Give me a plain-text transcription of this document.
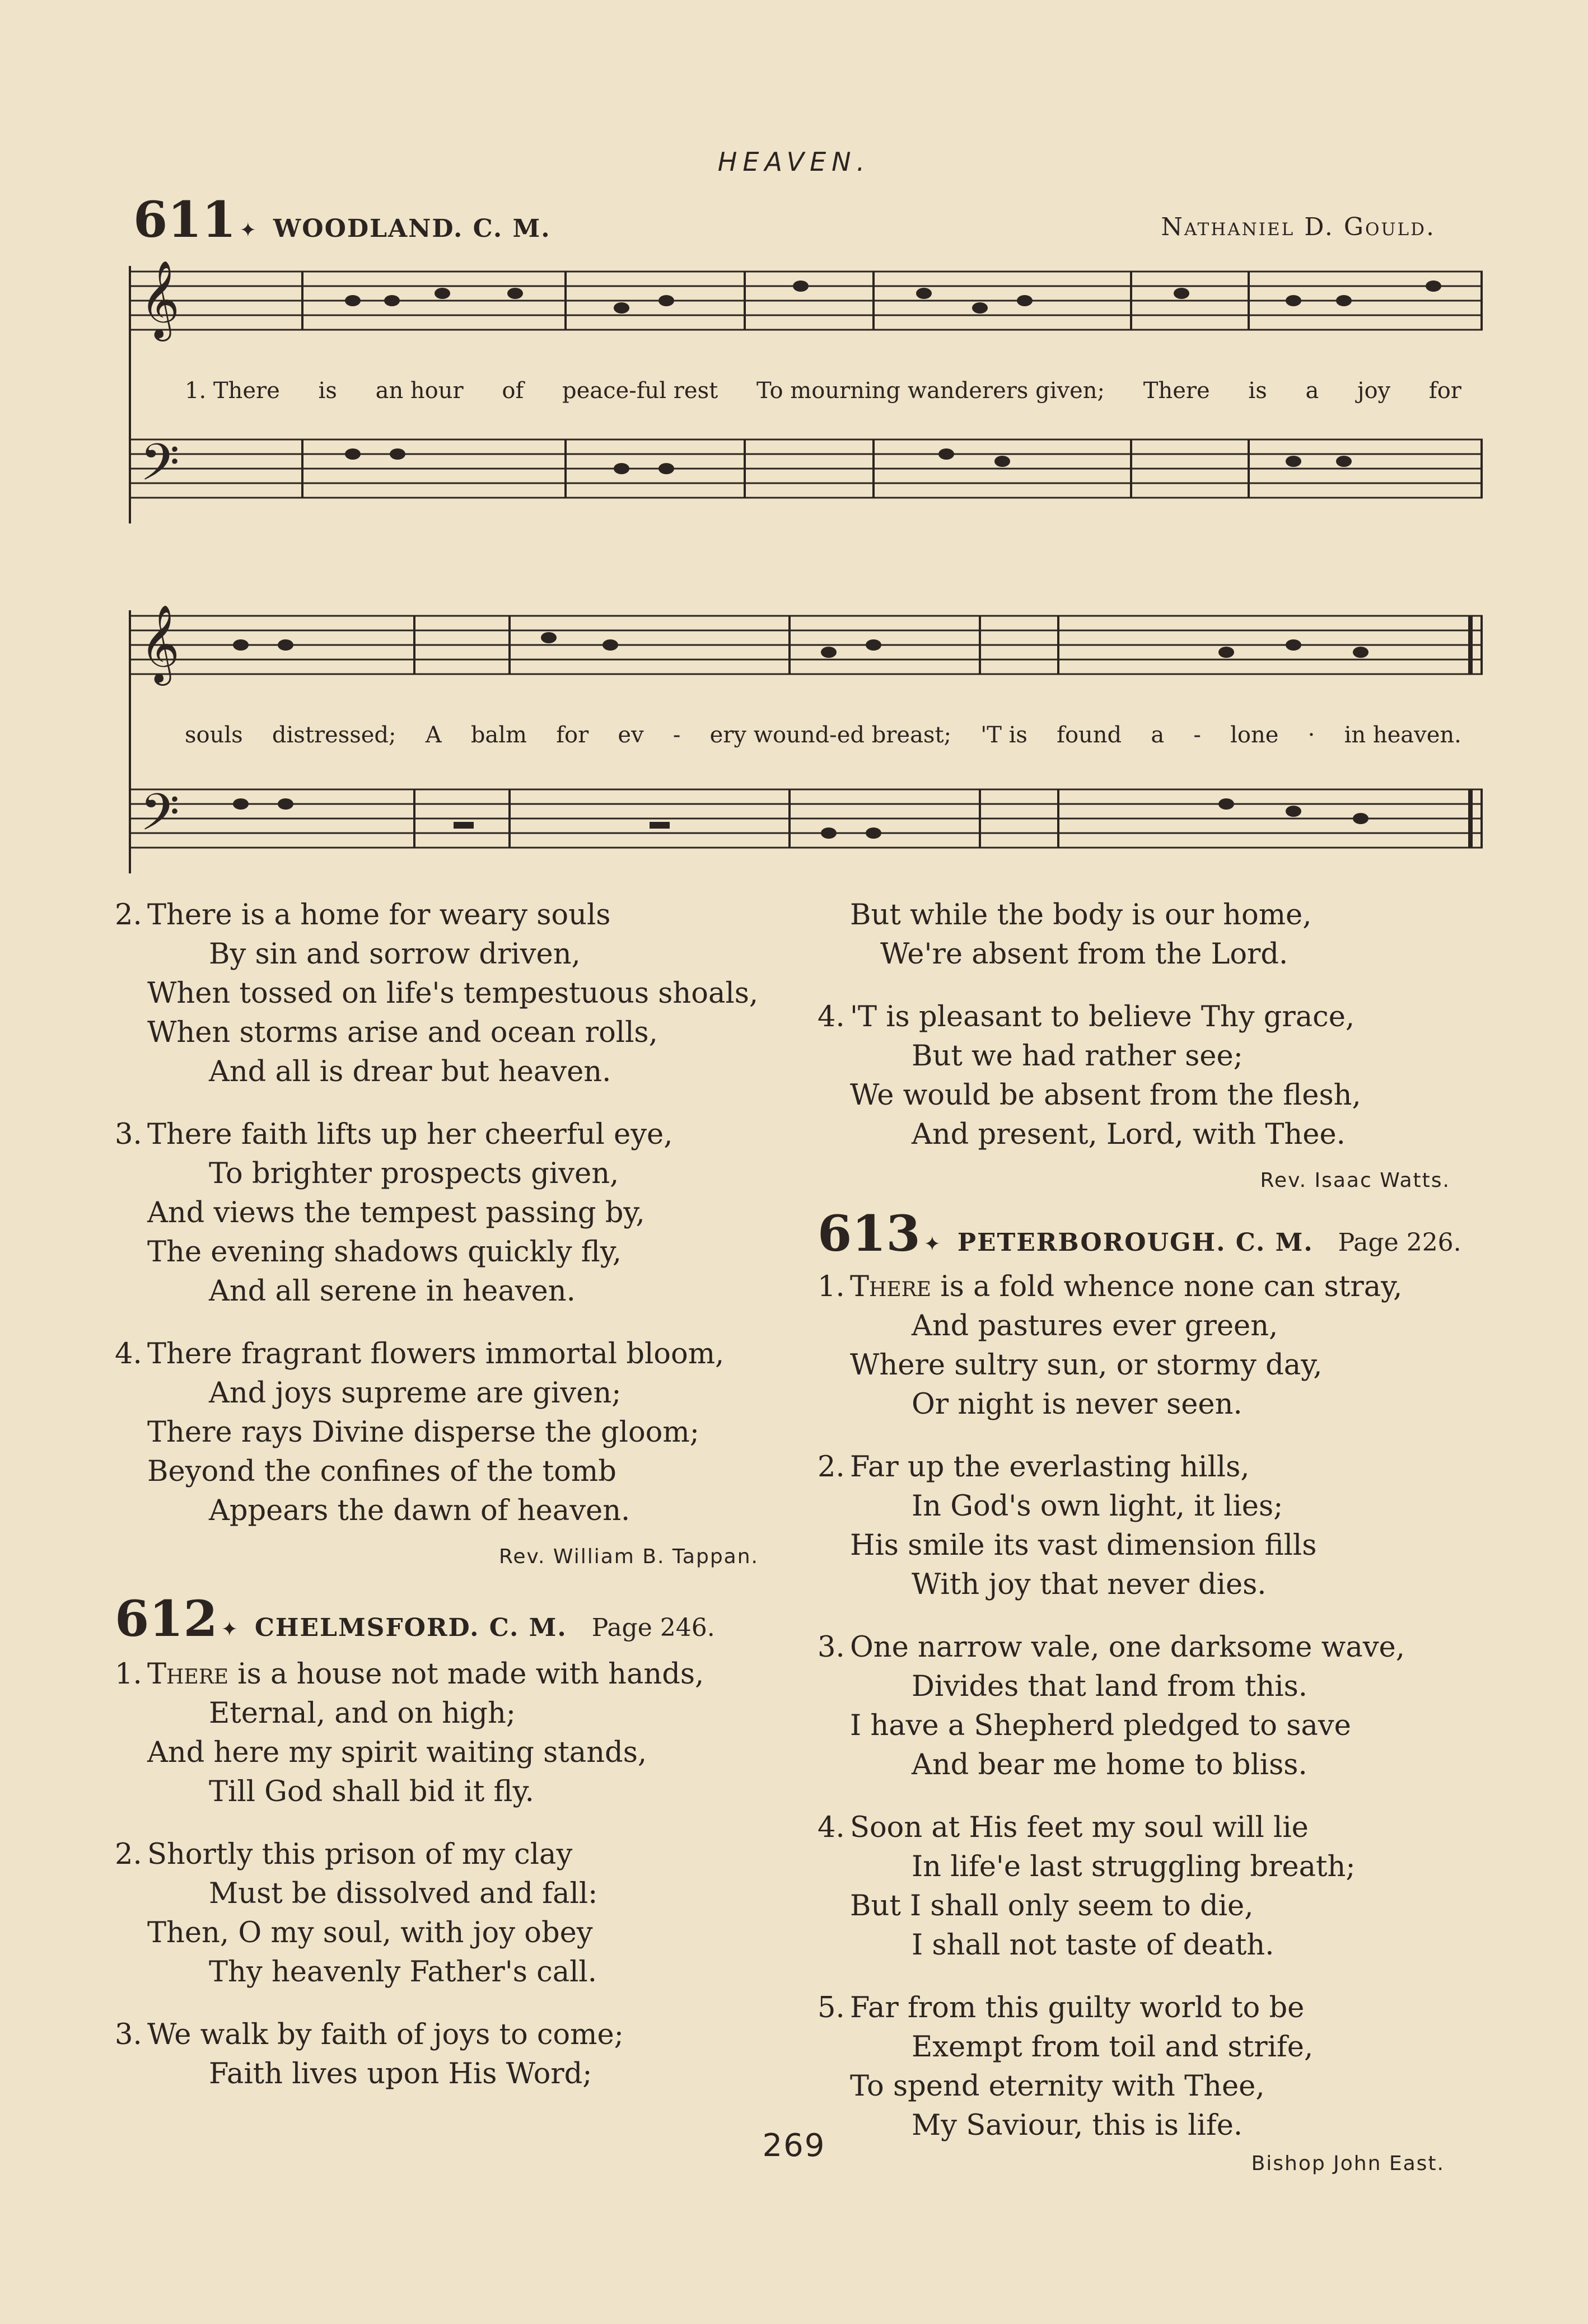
HEAVEN.
611 ✦ WOODLAND. C. M.	Nathaniel D. Gould.
𝄞
𝄢
1. There is an hour of peace-ful rest To mourning wanderers given; There is a joy for
𝄞
𝄢
souls distressed; A balm for ev - ery wound-ed breast; 'T is found a - lone · in heaven.
2. There is a home for weary souls
By sin and sorrow driven,
When tossed on life's tempestuous shoals,
When storms arise and ocean rolls,
And all is drear but heaven.
3. There faith lifts up her cheerful eye,
To brighter prospects given,
And views the tempest passing by,
The evening shadows quickly fly,
And all serene in heaven.
4. There fragrant flowers immortal bloom,
And joys supreme are given;
There rays Divine disperse the gloom;
Beyond the confines of the tomb
Appears the dawn of heaven.
Rev. William B. Tappan.
612 ✦ CHELMSFORD. C. M. Page 246.
1. There is a house not made with hands,
Eternal, and on high;
And here my spirit waiting stands,
Till God shall bid it fly.
2. Shortly this prison of my clay
Must be dissolved and fall:
Then, O my soul, with joy obey
Thy heavenly Father's call.
3. We walk by faith of joys to come;
Faith lives upon His Word;
But while the body is our home,
We're absent from the Lord.
4. 'T is pleasant to believe Thy grace,
But we had rather see;
We would be absent from the flesh,
And present, Lord, with Thee.
Rev. Isaac Watts.
613 ✦ PETERBOROUGH. C. M. Page 226.
1. There is a fold whence none can stray,
And pastures ever green,
Where sultry sun, or stormy day,
Or night is never seen.
2. Far up the everlasting hills,
In God's own light, it lies;
His smile its vast dimension fills
With joy that never dies.
3. One narrow vale, one darksome wave,
Divides that land from this.
I have a Shepherd pledged to save
And bear me home to bliss.
4. Soon at His feet my soul will lie
In life'e last struggling breath;
But I shall only seem to die,
I shall not taste of death.
5. Far from this guilty world to be
Exempt from toil and strife,
To spend eternity with Thee,
My Saviour, this is life.
Bishop John East.
269
